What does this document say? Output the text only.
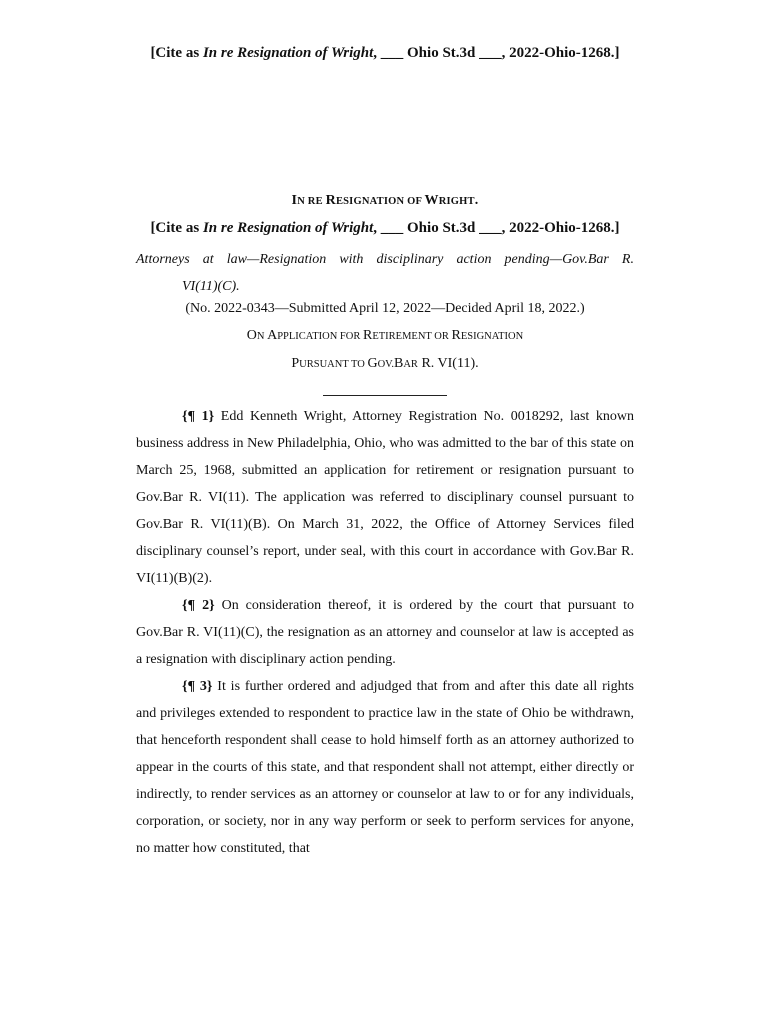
[Cite as In re Resignation of Wright, ___ Ohio St.3d ___, 2022-Ohio-1268.]
IN RE RESIGNATION OF WRIGHT.
[Cite as In re Resignation of Wright, ___ Ohio St.3d ___, 2022-Ohio-1268.]
Attorneys at law—Resignation with disciplinary action pending—Gov.Bar R.
VI(11)(C).
(No. 2022-0343—Submitted April 12, 2022—Decided April 18, 2022.)
ON APPLICATION FOR RETIREMENT OR RESIGNATION
PURSUANT TO GOV.BAR R. VI(11).

{¶ 1} Edd Kenneth Wright, Attorney Registration No. 0018292, last known business address in New Philadelphia, Ohio, who was admitted to the bar of this state on March 25, 1968, submitted an application for retirement or resignation pursuant to Gov.Bar R. VI(11). The application was referred to disciplinary counsel pursuant to Gov.Bar R. VI(11)(B). On March 31, 2022, the Office of Attorney Services filed disciplinary counsel’s report, under seal, with this court in accordance with Gov.Bar R. VI(11)(B)(2).

{¶ 2} On consideration thereof, it is ordered by the court that pursuant to Gov.Bar R. VI(11)(C), the resignation as an attorney and counselor at law is accepted as a resignation with disciplinary action pending.

{¶ 3} It is further ordered and adjudged that from and after this date all rights and privileges extended to respondent to practice law in the state of Ohio be withdrawn, that henceforth respondent shall cease to hold himself forth as an attorney authorized to appear in the courts of this state, and that respondent shall not attempt, either directly or indirectly, to render services as an attorney or counselor at law to or for any individuals, corporation, or society, nor in any way perform or seek to perform services for anyone, no matter how constituted, that
